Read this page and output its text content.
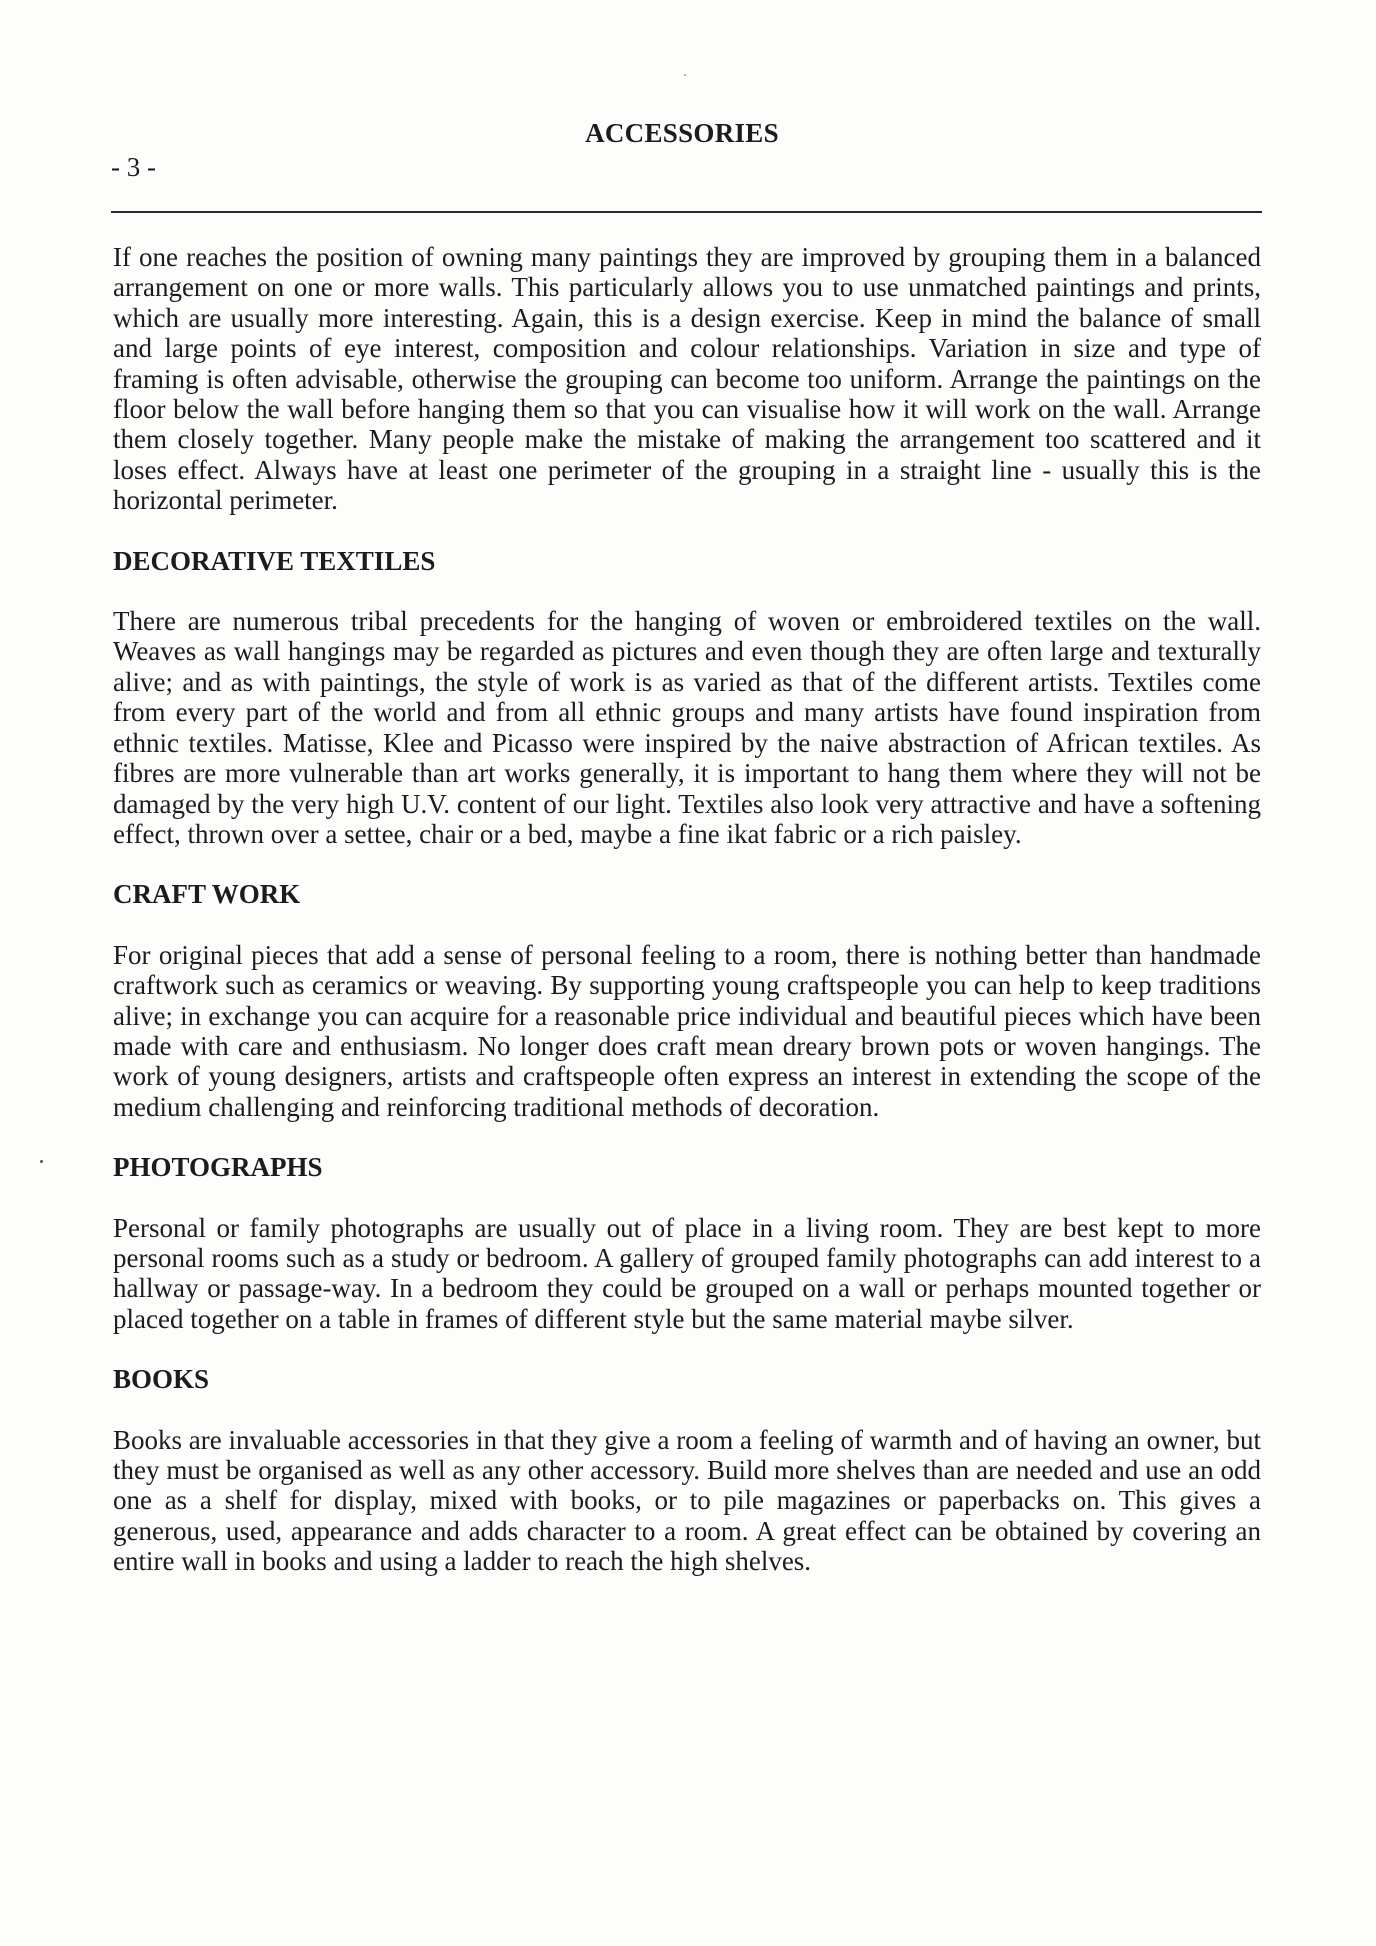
ACCESSORIES
- 3 -

If one reaches the position of owning many paintings they are improved by grouping them in a balanced arrangement on one or more walls. This particularly allows you to use unmatched paintings and prints, which are usually more interesting. Again, this is a design exercise. Keep in mind the balance of small and large points of eye interest, composition and colour relationships. Variation in size and type of framing is often advisable, otherwise the grouping can become too uniform. Arrange the paintings on the floor below the wall before hanging them so that you can visualise how it will work on the wall. Arrange them closely together. Many people make the mistake of making the arrangement too scattered and it loses effect. Always have at least one perimeter of the grouping in a straight line - usually this is the horizontal perimeter.

DECORATIVE TEXTILES

There are numerous tribal precedents for the hanging of woven or embroidered textiles on the wall. Weaves as wall hangings may be regarded as pictures and even though they are often large and texturally alive; and as with paintings, the style of work is as varied as that of the different artists. Textiles come from every part of the world and from all ethnic groups and many artists have found inspiration from ethnic textiles. Matisse, Klee and Picasso were inspired by the naive abstraction of African textiles. As fibres are more vulnerable than art works generally, it is important to hang them where they will not be damaged by the very high U.V. content of our light. Textiles also look very attractive and have a softening effect, thrown over a settee, chair or a bed, maybe a fine ikat fabric or a rich paisley.

CRAFT WORK

For original pieces that add a sense of personal feeling to a room, there is nothing better than handmade craftwork such as ceramics or weaving. By supporting young craftspeople you can help to keep traditions alive; in exchange you can acquire for a reasonable price individual and beautiful pieces which have been made with care and enthusiasm. No longer does craft mean dreary brown pots or woven hangings. The work of young designers, artists and craftspeople often express an interest in extending the scope of the medium challenging and reinforcing traditional methods of decoration.

PHOTOGRAPHS

Personal or family photographs are usually out of place in a living room. They are best kept to more personal rooms such as a study or bedroom. A gallery of grouped family photographs can add interest to a hallway or passage-way. In a bedroom they could be grouped on a wall or perhaps mounted together or placed together on a table in frames of different style but the same material maybe silver.

BOOKS

Books are invaluable accessories in that they give a room a feeling of warmth and of having an owner, but they must be organised as well as any other accessory. Build more shelves than are needed and use an odd one as a shelf for display, mixed with books, or to pile magazines or paperbacks on. This gives a generous, used, appearance and adds character to a room. A great effect can be obtained by covering an entire wall in books and using a ladder to reach the high shelves.
